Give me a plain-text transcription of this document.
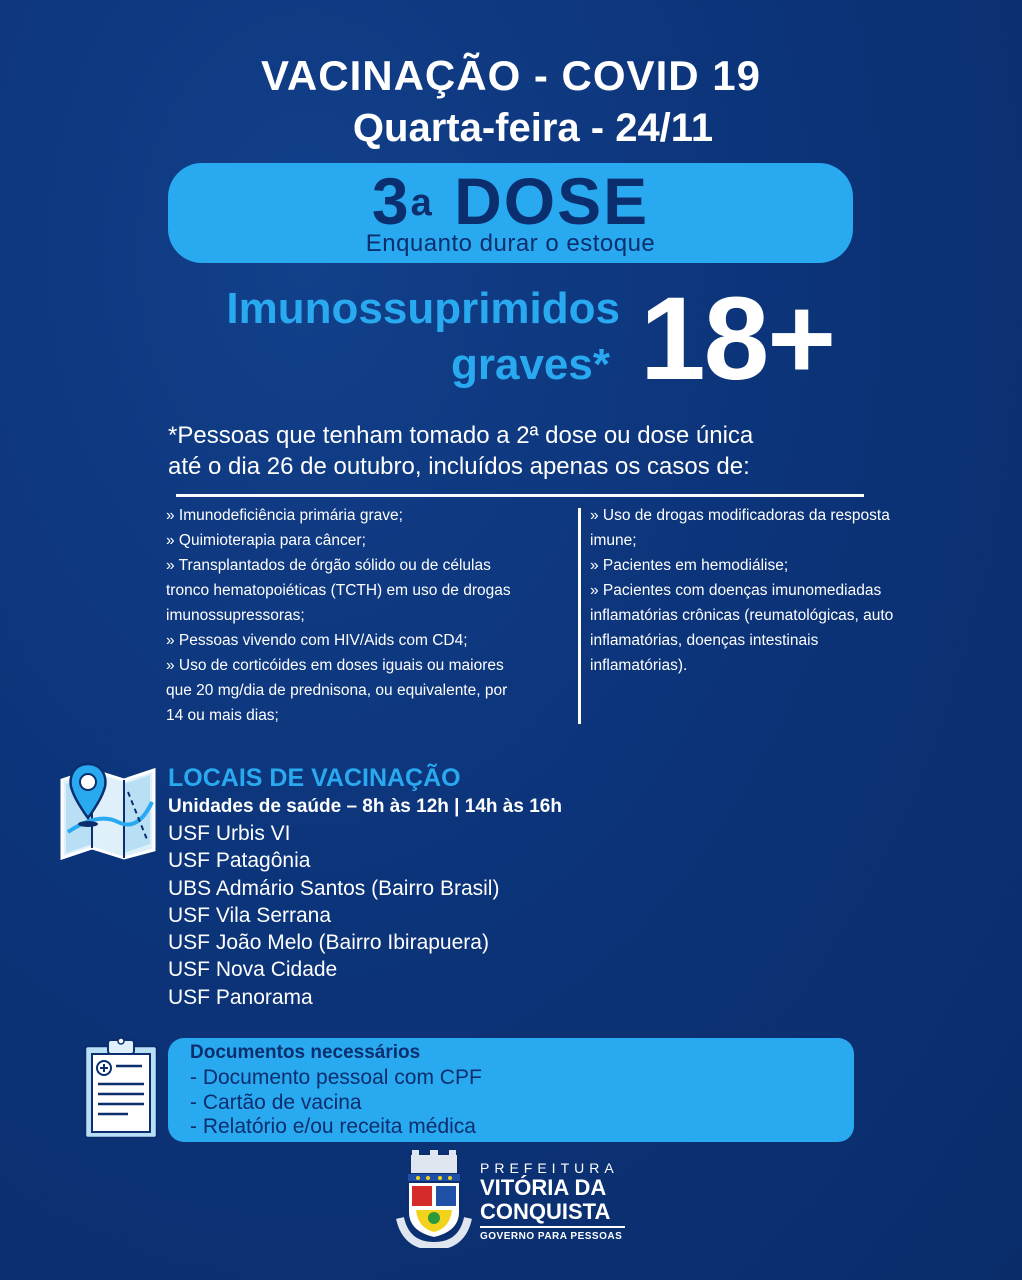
VACINAÇÃO - COVID 19
Quarta-feira - 24/11
3$^a$ DOSE
Enquanto durar o estoque
Imunossuprimidos
graves* 18+
*Pessoas que tenham tomado a 2ª dose ou dose única
até o dia 26 de outubro, incluídos apenas os casos de:
» Imunodeficiência primária grave;
» Quimioterapia para câncer;
» Transplantados de órgão sólido ou de células
tronco hematopoiéticas (TCTH) em uso de drogas
imunossupressoras;
» Pessoas vivendo com HIV/Aids com CD4;
» Uso de corticóides em doses iguais ou maiores
que 20 mg/dia de prednisona, ou equivalente, por
14 ou mais dias;
» Uso de drogas modificadoras da resposta
imune;
» Pacientes em hemodiálise;
» Pacientes com doenças imunomediadas
inflamatórias crônicas (reumatológicas, auto
inflamatórias, doenças intestinais
inflamatórias).
LOCAIS DE VACINAÇÃO
Unidades de saúde – 8h às 12h | 14h às 16h
USF Urbis VI
USF Patagônia
UBS Admário Santos (Bairro Brasil)
USF Vila Serrana
USF João Melo (Bairro Ibirapuera)
USF Nova Cidade
USF Panorama
Documentos necessários
- Documento pessoal com CPF
- Cartão de vacina
- Relatório e/ou receita médica
PREFEITURA
VITÓRIA DA
CONQUISTA
GOVERNO PARA PESSOAS
